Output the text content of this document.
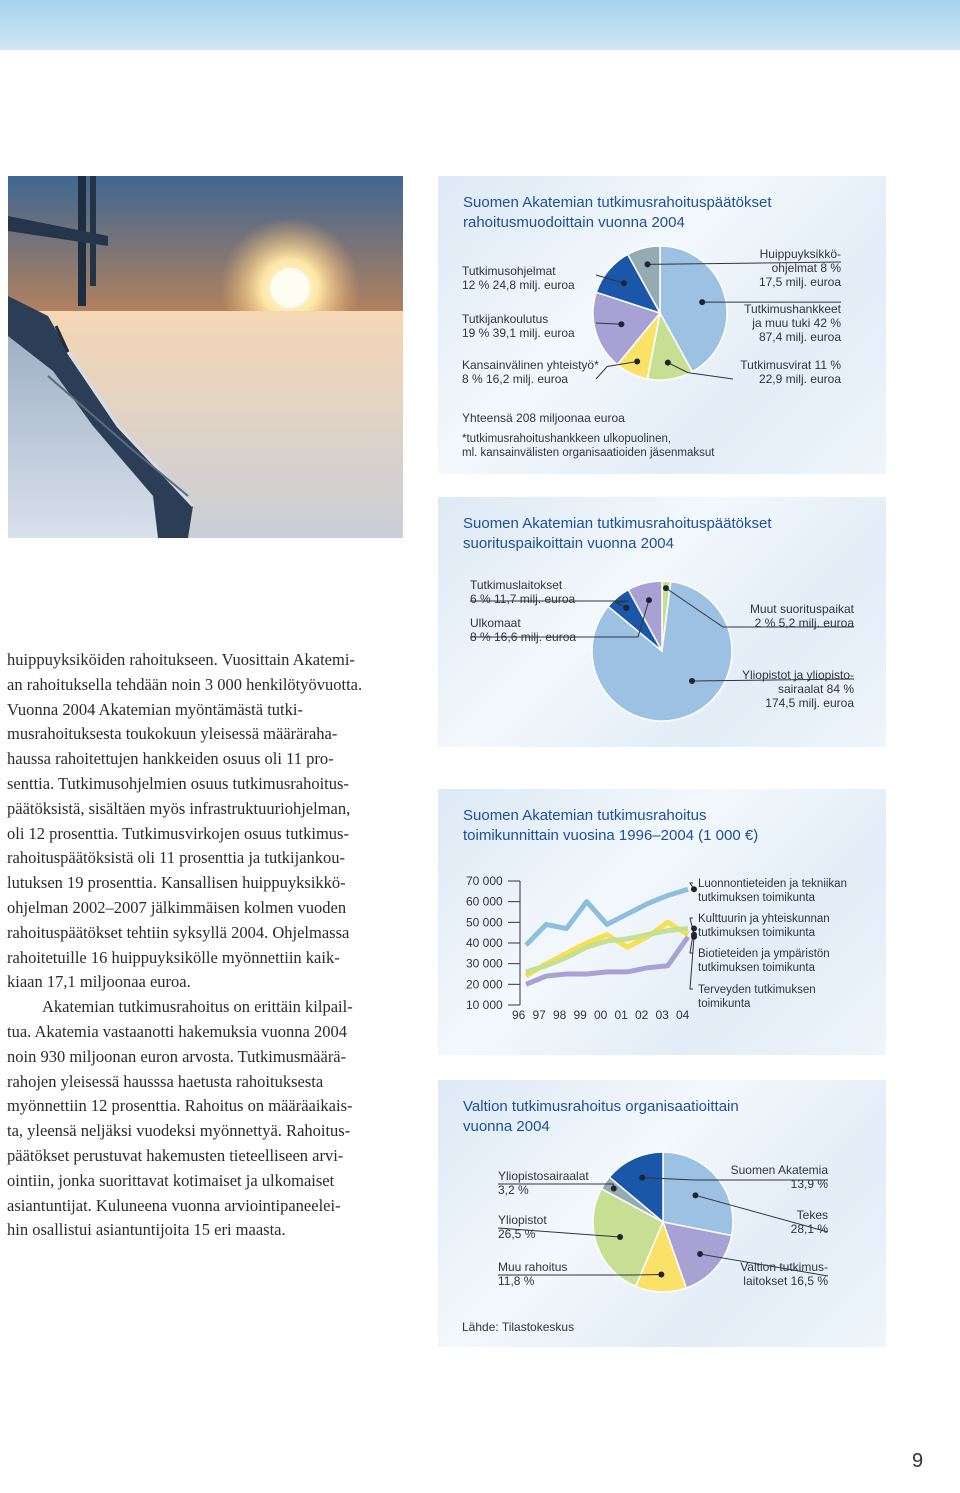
Suomen Akatemian tutkimusrahoituspäätökset
rahoitusmuodoittain vuonna 2004
Tutkimushankkeet
ja muu tuki 42 %
87,4 milj. euroa
Tutkimusvirat 11 %
22,9 milj. euroa
Kansainvälinen yhteistyö*
8 % 16,2 milj. euroa
Tutkijankoulutus
19 % 39,1 milj. euroa
Tutkimusohjelmat
12 % 24,8 milj. euroa
Huippuyksikkö-
ohjelmat 8 %
17,5 milj. euroa
Yhteensä 208 miljoonaa euroa
*tutkimusrahoitushankkeen ulkopuolinen,
ml. kansainvälisten organisaatioiden jäsenmaksut
Suomen Akatemian tutkimusrahoituspäätökset
suorituspaikoittain vuonna 2004
Tutkimuslaitokset
6 % 11,7 milj. euroa
Ulkomaat
8 % 16,6 milj. euroa
Muut suorituspaikat
2 % 5,2 milj. euroa
Yliopistot ja yliopisto-
sairaalat 84 %
174,5 milj. euroa
Suomen Akatemian tutkimusrahoitus
toimikunnittain vuosina 1996–2004 (1 000 €)
70 000
60 000
50 000
40 000
30 000
20 000
10 000
96 97 98 99 00 01 02 03 04
Luonnontieteiden ja tekniikan
tutkimuksen toimikunta
Kulttuurin ja yhteiskunnan
tutkimuksen toimikunta
Biotieteiden ja ympäristön
tutkimuksen toimikunta
Terveyden tutkimuksen
toimikunta
Valtion tutkimusrahoitus organisaatioittain
vuonna 2004
Suomen Akatemia
13,9 %
Tekes
28,1 %
Valtion tutkimus-
laitokset 16,5 %
Yliopistosairaalat
3,2 %
Yliopistot
26,5 %
Muu rahoitus
11,8 %
Lähde: Tilastokeskus
huippuyksiköiden rahoitukseen. Vuosittain Akatemi-
an rahoituksella tehdään noin 3 000 henkilötyövuotta.
Vuonna 2004 Akatemian myöntämästä tutki-
musrahoituksesta toukokuun yleisessä määräraha-
haussa rahoitettujen hankkeiden osuus oli 11 pro-
senttia. Tutkimusohjelmien osuus tutkimusrahoitus-
päätöksistä, sisältäen myös infrastruktuuriohjelman,
oli 12 prosenttia. Tutkimusvirkojen osuus tutkimus-
rahoituspäätöksistä oli 11 prosenttia ja tutkijankou-
lutuksen 19 prosenttia. Kansallisen huippuyksikkö-
ohjelman 2002–2007 jälkimmäisen kolmen vuoden
rahoituspäätökset tehtiin syksyllä 2004. Ohjelmassa
rahoitetuille 16 huippuyksikölle myönnettiin kaik-
kiaan 17,1 miljoonaa euroa.
Akatemian tutkimusrahoitus on erittäin kilpail-
tua. Akatemia vastaanotti hakemuksia vuonna 2004
noin 930 miljoonan euron arvosta. Tutkimusmäärä-
rahojen yleisessä hausssa haetusta rahoituksesta
myönnettiin 12 prosenttia. Rahoitus on määräaikais-
ta, yleensä neljäksi vuodeksi myönnettyä. Rahoitus-
päätökset perustuvat hakemusten tieteelliseen arvi-
ointiin, jonka suorittavat kotimaiset ja ulkomaiset
asiantuntijat. Kuluneena vuonna arviointipaneelei-
hin osallistui asiantuntijoita 15 eri maasta.
9
